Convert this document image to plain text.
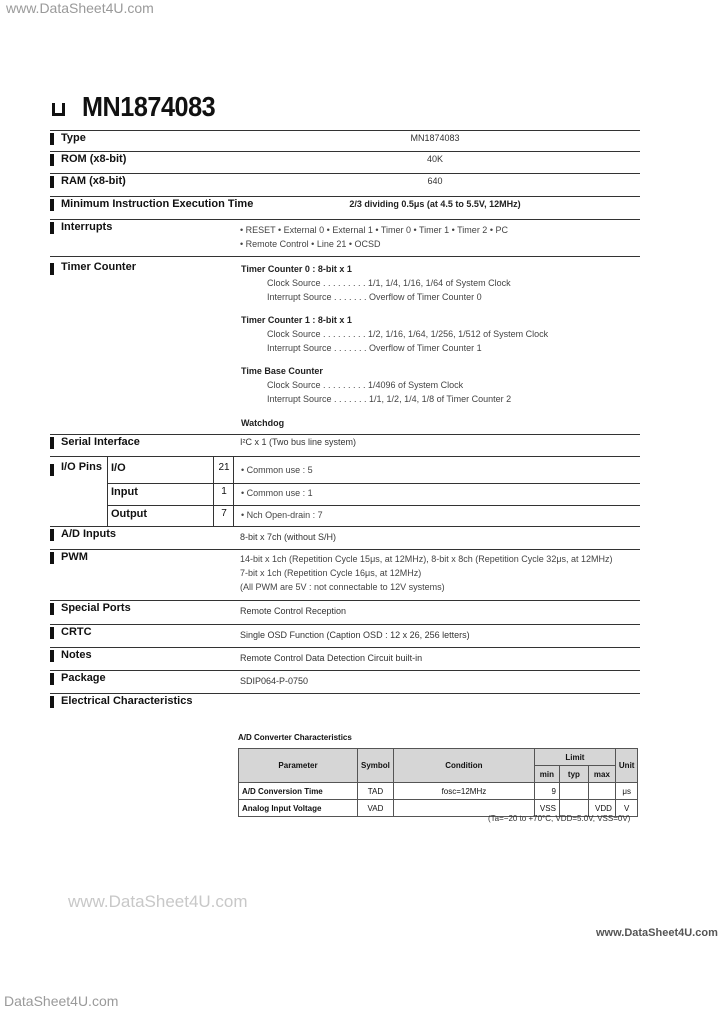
www.DataSheet4U.com
www.DataSheet4U.com
www.DataSheet4U.com
DataSheet4U.com
MN1874083
Type	MN1874083
ROM (x8-bit)	40K
RAM (x8-bit)	640
Minimum Instruction Execution Time	2/3 dividing 0.5μs (at 4.5 to 5.5V, 12MHz)
Interrupts	• RESET • External 0 • External 1 • Timer 0 • Timer 1 • Timer 2 • PC
• Remote Control • Line 21 • OCSD
Timer Counter	Timer Counter 0 : 8-bit x 1
Clock Source . . . . . . . . . 1/1, 1/4, 1/16, 1/64 of System Clock
Interrupt Source . . . . . . . Overflow of Timer Counter 0
Timer Counter 1 : 8-bit x 1
Clock Source . . . . . . . . . 1/2, 1/16, 1/64, 1/256, 1/512 of System Clock
Interrupt Source . . . . . . . Overflow of Timer Counter 1
Time Base Counter
Clock Source . . . . . . . . . 1/4096 of System Clock
Interrupt Source . . . . . . . 1/1, 1/2, 1/4, 1/8 of Timer Counter 2
Watchdog
Serial Interface	I²C x 1 (Two bus line system)
I/O Pins I/O	21	• Common use : 5
Input	1	• Common use : 1
Output	7	• Nch Open-drain : 7
A/D Inputs	8-bit x 7ch (without S/H)
PWM	14-bit x 1ch (Repetition Cycle 15μs, at 12MHz), 8-bit x 8ch (Repetition Cycle 32μs, at 12MHz)
7-bit x 1ch (Repetition Cycle 16μs, at 12MHz)
(All PWM are 5V : not connectable to 12V systems)
Special Ports	Remote Control Reception
CRTC	Single OSD Function (Caption OSD : 12 x 26, 256 letters)
Notes	Remote Control Data Detection Circuit built-in
Package	SDIP064-P-0750
Electrical Characteristics
A/D Converter Characteristics
Parameter	Symbol	Condition	Limit			Unit
			min	typ	max	
A/D Conversion Time	TAD	fosc=12MHz	9			μs
Analog Input Voltage	VAD		VSS		VDD	V
(Ta=−20 to +70°C, VDD=5.0V, VSS=0V)
